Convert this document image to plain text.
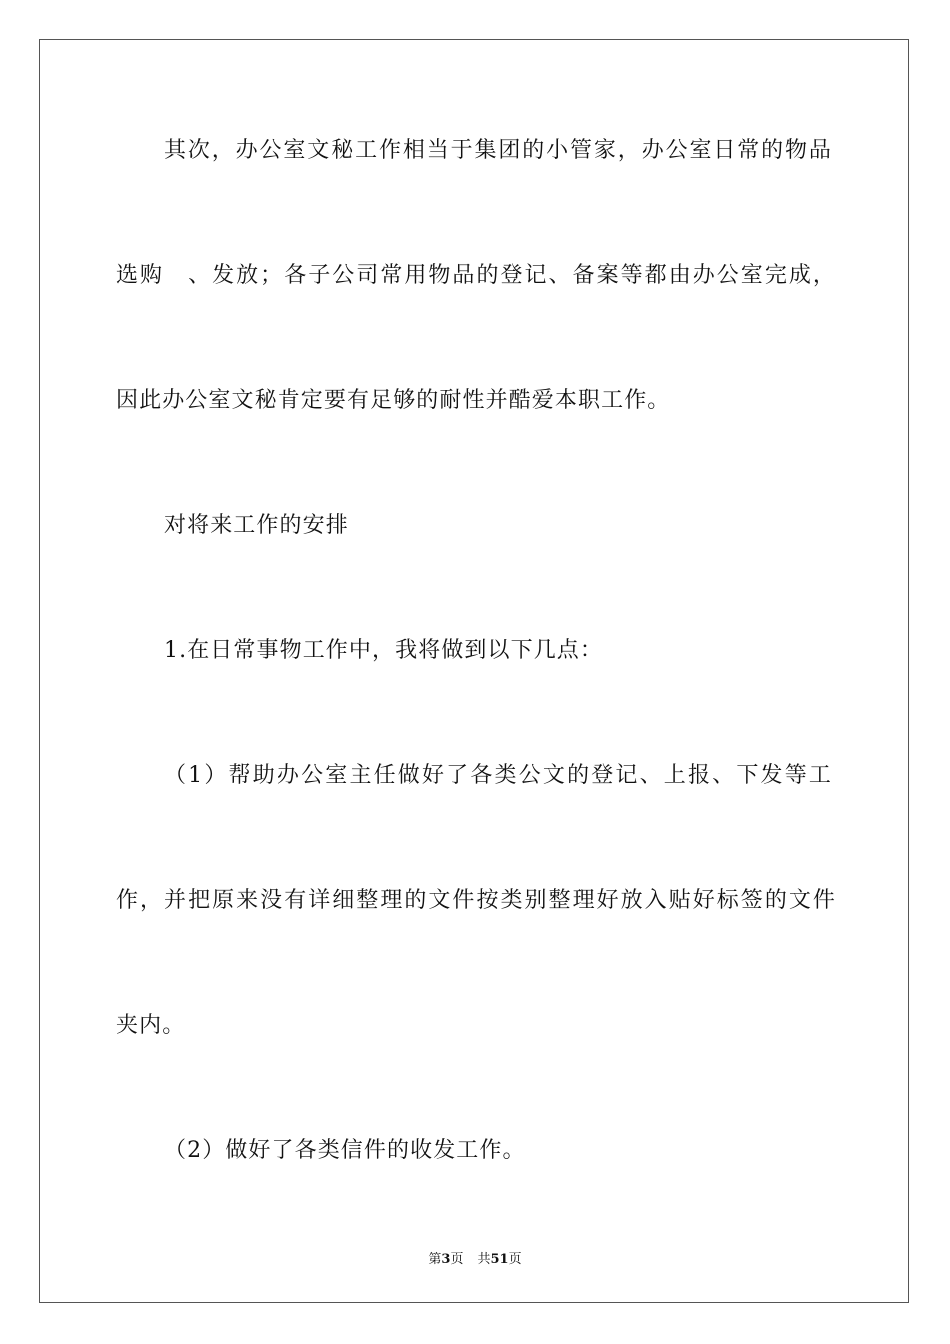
其次，办公室文秘工作相当于集团的小管家，办公室日常的物品
选购　、发放；各子公司常用物品的登记、备案等都由办公室完成，
因此办公室文秘肯定要有足够的耐性并酷爱本职工作。
对将来工作的安排
1.在日常事物工作中，我将做到以下几点：
（1）帮助办公室主任做好了各类公文的登记、上报、下发等工
作，并把原来没有详细整理的文件按类别整理好放入贴好标签的文件
夹内。
（2）做好了各类信件的收发工作。
第3页 共51页
